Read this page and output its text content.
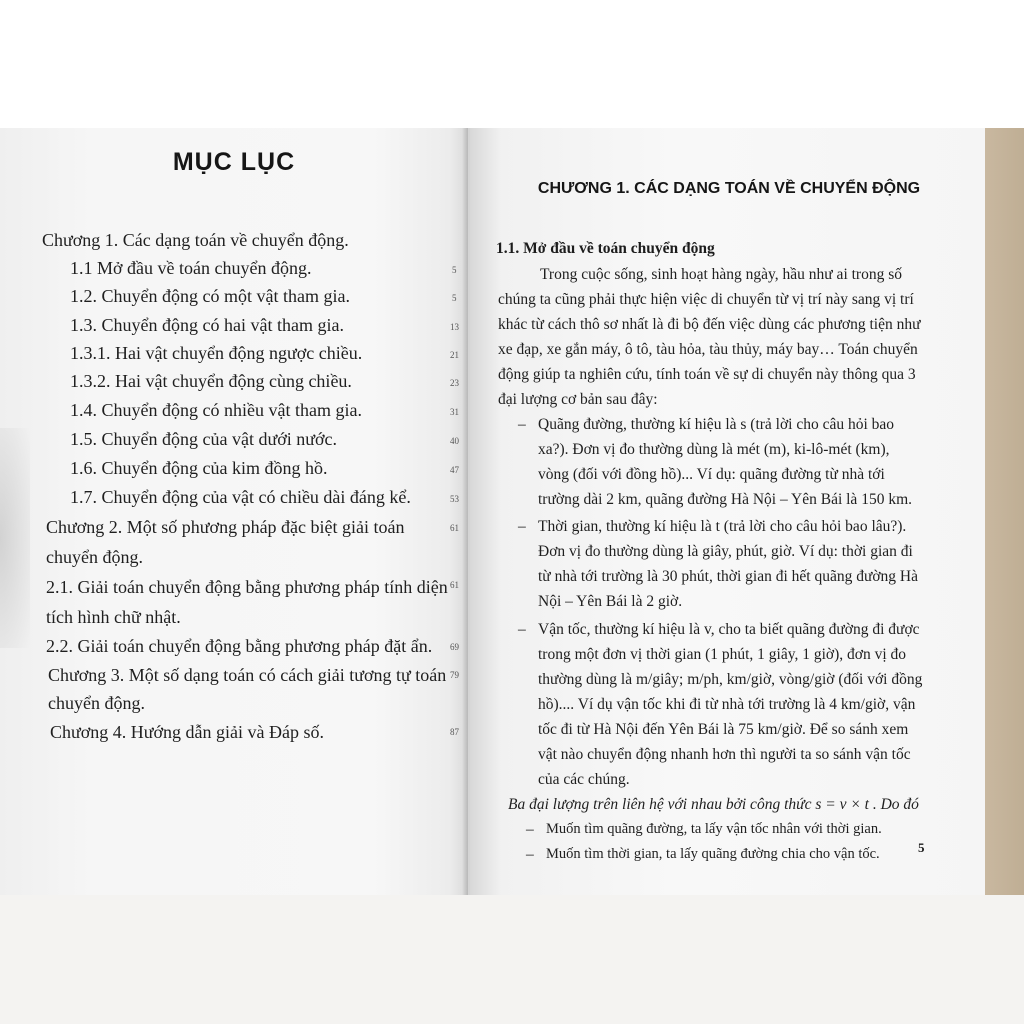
MỤC LỤC
Chương 1. Các dạng toán về chuyển động.
1.1 Mở đầu về toán chuyển động.
1.2. Chuyển động có một vật tham gia.
1.3. Chuyển động có hai vật tham gia.
1.3.1. Hai vật chuyển động ngược chiều.
1.3.2. Hai vật chuyển động cùng chiều.
1.4. Chuyển động có nhiều vật tham gia.
1.5. Chuyển động của vật dưới nước.
1.6. Chuyển động của kim đồng hồ.
1.7. Chuyển động của vật có chiều dài đáng kể.
Chương 2. Một số phương pháp đặc biệt giải toán
chuyển động.
2.1. Giải toán chuyển động bằng phương pháp tính diện
tích hình chữ nhật.
2.2. Giải toán chuyển động bằng phương pháp đặt ẩn.
Chương 3. Một số dạng toán có cách giải tương tự toán
chuyển động.
Chương 4. Hướng dẫn giải và Đáp số.
5
5
13
21
23
31
40
47
53
61
61
69
79
87
CHƯƠNG 1. CÁC DẠNG TOÁN VỀ CHUYỂN ĐỘNG
1.1. Mở đầu về toán chuyển động
Trong cuộc sống, sinh hoạt hàng ngày, hầu như ai trong số
chúng ta cũng phải thực hiện việc di chuyển từ vị trí này sang vị trí
khác từ cách thô sơ nhất là đi bộ đến việc dùng các phương tiện như
xe đạp, xe gắn máy, ô tô, tàu hỏa, tàu thủy, máy bay… Toán chuyển
động giúp ta nghiên cứu, tính toán về sự di chuyển này thông qua 3
đại lượng cơ bản sau đây:
– Quãng đường, thường kí hiệu là s (trả lời cho câu hỏi bao
xa?). Đơn vị đo thường dùng là mét (m), ki-lô-mét (km),
vòng (đối với đồng hồ)... Ví dụ: quãng đường từ nhà tới
trường dài 2 km, quãng đường Hà Nội – Yên Bái là 150 km.
– Thời gian, thường kí hiệu là t (trả lời cho câu hỏi bao lâu?).
Đơn vị đo thường dùng là giây, phút, giờ. Ví dụ: thời gian đi
từ nhà tới trường là 30 phút, thời gian đi hết quãng đường Hà
Nội – Yên Bái là 2 giờ.
– Vận tốc, thường kí hiệu là v, cho ta biết quãng đường đi được
trong một đơn vị thời gian (1 phút, 1 giây, 1 giờ), đơn vị đo
thường dùng là m/giây; m/ph, km/giờ, vòng/giờ (đối với đồng
hồ).... Ví dụ vận tốc khi đi từ nhà tới trường là 4 km/giờ, vận
tốc đi từ Hà Nội đến Yên Bái là 75 km/giờ. Để so sánh xem
vật nào chuyển động nhanh hơn thì người ta so sánh vận tốc
của các chúng.
Ba đại lượng trên liên hệ với nhau bởi công thức s = v × t . Do đó
– Muốn tìm quãng đường, ta lấy vận tốc nhân với thời gian.
– Muốn tìm thời gian, ta lấy quãng đường chia cho vận tốc.	5
